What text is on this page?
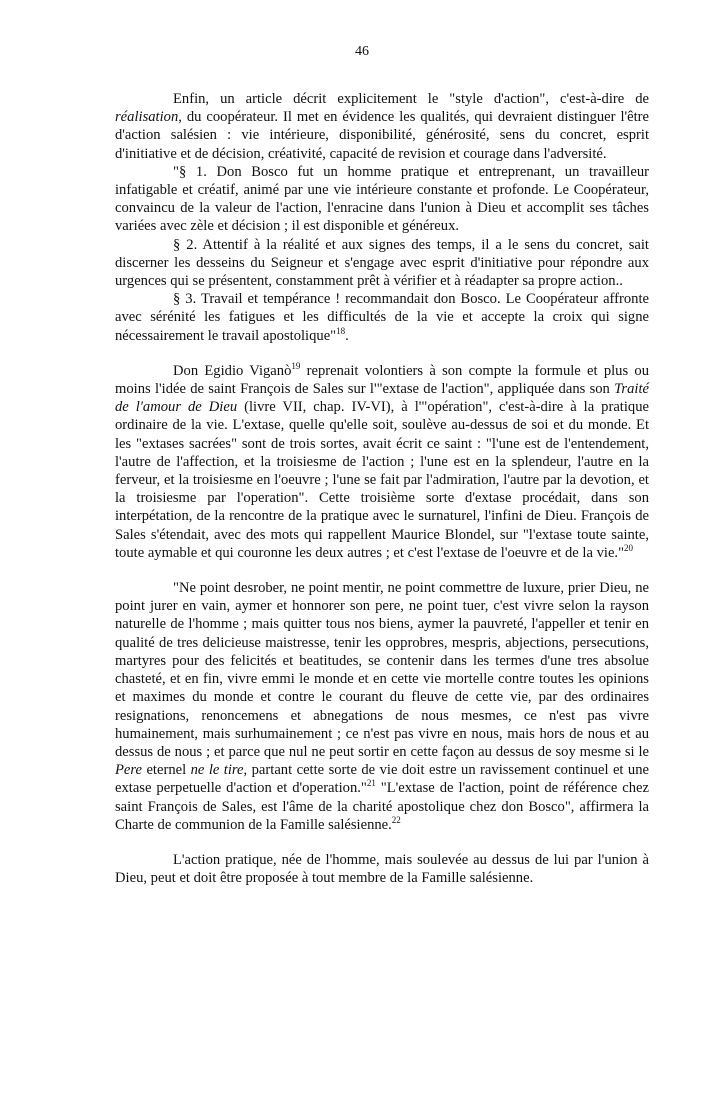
46

Enfin, un article décrit explicitement le "style d'action", c'est-à-dire de réalisation, du coopérateur. Il met en évidence les qualités, qui devraient distinguer l'être d'action salésien : vie intérieure, disponibilité, générosité, sens du concret, esprit d'initiative et de décision, créativité, capacité de revision et courage dans l'adversité.

"§ 1. Don Bosco fut un homme pratique et entreprenant, un travailleur infatigable et créatif, animé par une vie intérieure constante et profonde. Le Coopérateur, convaincu de la valeur de l'action, l'enracine dans l'union à Dieu et accomplit ses tâches variées avec zèle et décision ; il est disponible et généreux.

§ 2. Attentif à la réalité et aux signes des temps, il a le sens du concret, sait discerner les desseins du Seigneur et s'engage avec esprit d'initiative pour répondre aux urgences qui se présentent, constamment prêt à vérifier et à réadapter sa propre action..

§ 3. Travail et tempérance ! recommandait don Bosco. Le Coopérateur affronte avec sérénité les fatigues et les difficultés de la vie et accepte la croix qui signe nécessairement le travail apostolique"$^{18}$.

Don Egidio Viganò$^{19}$ reprenait volontiers à son compte la formule et plus ou moins l'idée de saint François de Sales sur l'"extase de l'action", appliquée dans son Traité de l'amour de Dieu (livre VII, chap. IV-VI), à l'"opération", c'est-à-dire à la pratique ordinaire de la vie. L'extase, quelle qu'elle soit, soulève au-dessus de soi et du monde. Et les "extases sacrées" sont de trois sortes, avait écrit ce saint : "l'une est de l'entendement, l'autre de l'affection, et la troisiesme de l'action ; l'une est en la splendeur, l'autre en la ferveur, et la troisiesme en l'oeuvre ; l'une se fait par l'admiration, l'autre par la devotion, et la troisiesme par l'operation". Cette troisième sorte d'extase procédait, dans son interpétation, de la rencontre de la pratique avec le surnaturel, l'infini de Dieu. François de Sales s'étendait, avec des mots qui rappellent Maurice Blondel, sur "l'extase toute sainte, toute aymable et qui couronne les deux autres ; et c'est l'extase de l'oeuvre et de la vie."$^{20}$

"Ne point desrober, ne point mentir, ne point commettre de luxure, prier Dieu, ne point jurer en vain, aymer et honnorer son pere, ne point tuer, c'est vivre selon la rayson naturelle de l'homme ; mais quitter tous nos biens, aymer la pauvreté, l'appeller et tenir en qualité de tres delicieuse maistresse, tenir les opprobres, mespris, abjections, persecutions, martyres pour des felicités et beatitudes, se contenir dans les termes d'une tres absolue chasteté, et en fin, vivre emmi le monde et en cette vie mortelle contre toutes les opinions et maximes du monde et contre le courant du fleuve de cette vie, par des ordinaires resignations, renoncemens et abnegations de nous mesmes, ce n'est pas vivre humainement, mais surhumainement ; ce n'est pas vivre en nous, mais hors de nous et au dessus de nous ; et parce que nul ne peut sortir en cette façon au dessus de soy mesme si le Pere eternel ne le tire, partant cette sorte de vie doit estre un ravissement continuel et une extase perpetuelle d'action et d'operation."$^{21}$ "L'extase de l'action, point de référence chez saint François de Sales, est l'âme de la charité apostolique chez don Bosco", affirmera la Charte de communion de la Famille salésienne.$^{22}$

L'action pratique, née de l'homme, mais soulevée au dessus de lui par l'union à Dieu, peut et doit être proposée à tout membre de la Famille salésienne.
